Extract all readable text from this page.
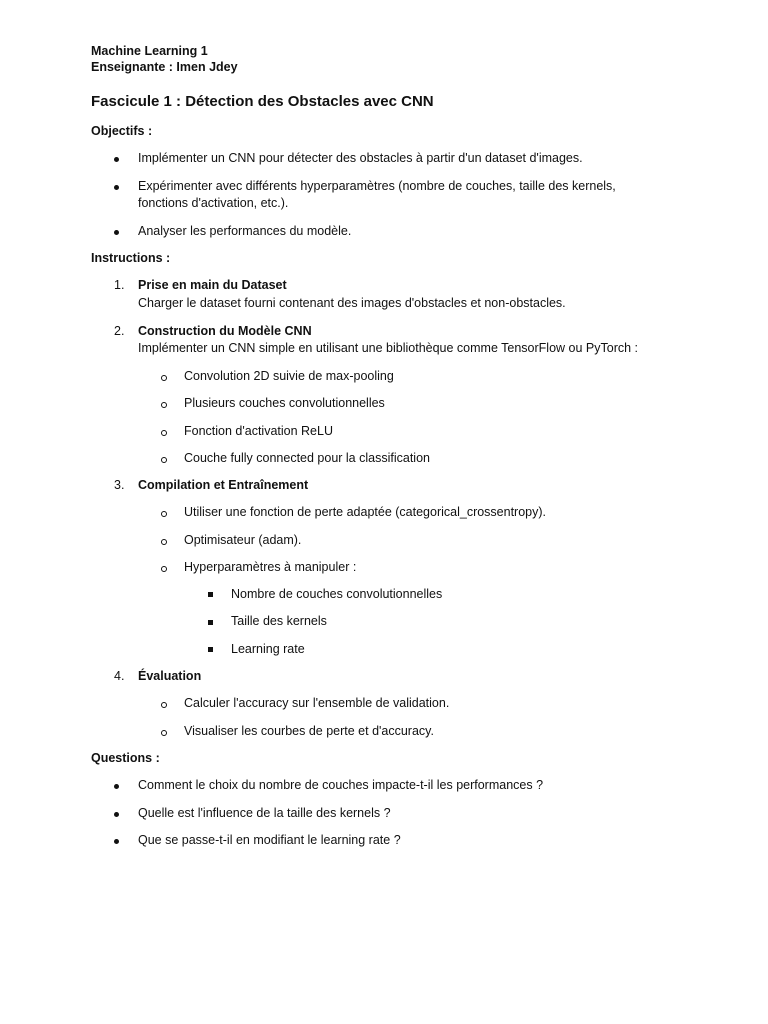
Machine Learning 1
Enseignante : Imen Jdey
Fascicule 1 : Détection des Obstacles avec CNN
Objectifs :
Implémenter un CNN pour détecter des obstacles à partir d'un dataset d'images.
Expérimenter avec différents hyperparamètres (nombre de couches, taille des kernels,
fonctions d'activation, etc.).
Analyser les performances du modèle.
Instructions :
1. Prise en main du Dataset
Charger le dataset fourni contenant des images d'obstacles et non-obstacles.
2. Construction du Modèle CNN
Implémenter un CNN simple en utilisant une bibliothèque comme TensorFlow ou PyTorch :
Convolution 2D suivie de max-pooling
Plusieurs couches convolutionnelles
Fonction d'activation ReLU
Couche fully connected pour la classification
3. Compilation et Entraînement
Utiliser une fonction de perte adaptée (categorical_crossentropy).
Optimisateur (adam).
Hyperparamètres à manipuler :
Nombre de couches convolutionnelles
Taille des kernels
Learning rate
4. Évaluation
Calculer l'accuracy sur l'ensemble de validation.
Visualiser les courbes de perte et d'accuracy.
Questions :
Comment le choix du nombre de couches impacte-t-il les performances ?
Quelle est l'influence de la taille des kernels ?
Que se passe-t-il en modifiant le learning rate ?
